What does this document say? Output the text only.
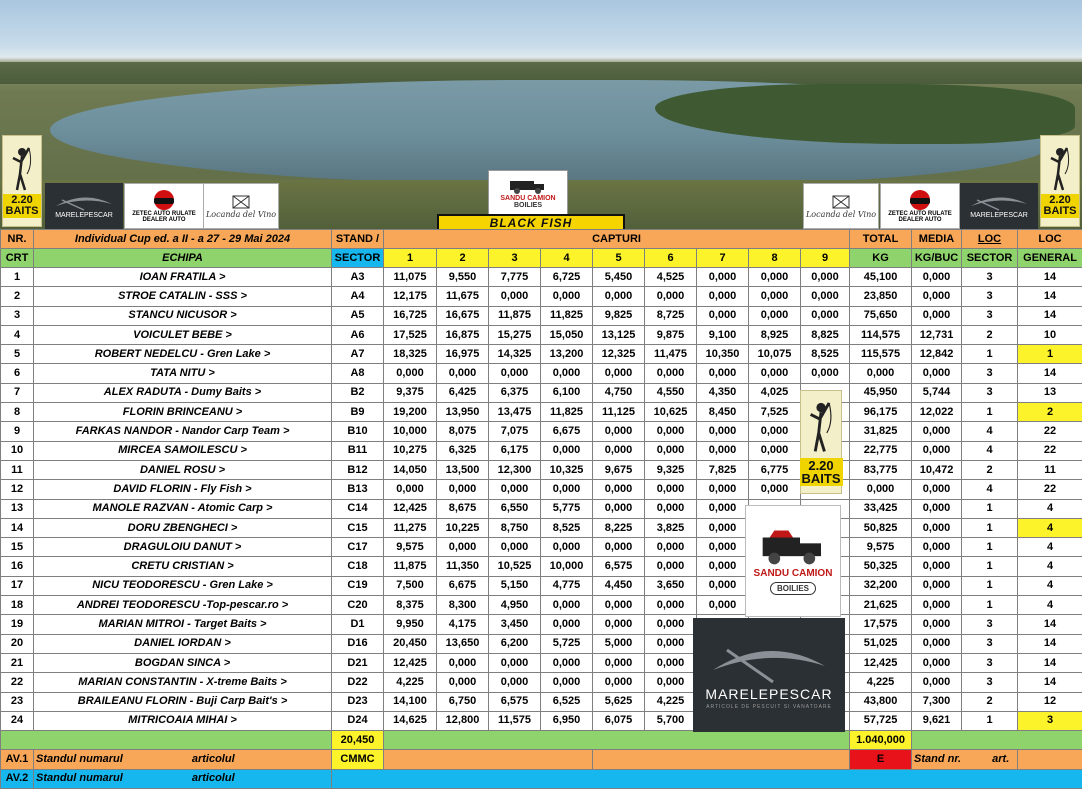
2.20 BAITS	MARELEPESCAR	ZETEC AUTO RULATE
DEALER AUTO
Locanda del Vino
SANDU CAMION
BOILIES
BLACK FISH
Locanda del Vino ZETEC AUTO RULATE
DEALER AUTO
MARELEPESCAR
2.20 BAITS
NR.	Individual Cup ed. a II - a 27 - 29 Mai 2024	STAND /	CAPTURI									TOTAL	MEDIA	LOC	LOC
CRT	ECHIPA	SECTOR	1	2	3	4	5	6	7	8	9	KG	KG/BUC	SECTOR	GENERAL
1	IOAN FRATILA >	A3	11,075	9,550	7,775	6,725	5,450	4,525	0,000	0,000	0,000	45,100	0,000	3	14
2	STROE CATALIN - SSS >	A4	12,175	11,675	0,000	0,000	0,000	0,000	0,000	0,000	0,000	23,850	0,000	3	14
3	STANCU NICUSOR >	A5	16,725	16,675	11,875	11,825	9,825	8,725	0,000	0,000	0,000	75,650	0,000	3	14
4	VOICULET BEBE >	A6	17,525	16,875	15,275	15,050	13,125	9,875	9,100	8,925	8,825	114,575	12,731	2	10
5	ROBERT NEDELCU - Gren Lake >	A7	18,325	16,975	14,325	13,200	12,325	11,475	10,350	10,075	8,525	115,575	12,842	1	1
6	TATA NITU >	A8	0,000	0,000	0,000	0,000	0,000	0,000	0,000	0,000	0,000	0,000	0,000	3	14
7	ALEX RADUTA - Dumy Baits >	B2	9,375	6,425	6,375	6,100	4,750	4,550	4,350	4,025		45,950	5,744	3	13
8	FLORIN BRINCEANU >	B9	19,200	13,950	13,475	11,825	11,125	10,625	8,450	7,525		96,175	12,022	1	2
9	FARKAS NANDOR - Nandor Carp Team >	B10	10,000	8,075	7,075	6,675	0,000	0,000	0,000	0,000		31,825	0,000	4	22
10	MIRCEA SAMOILESCU >	B11	10,275	6,325	6,175	0,000	0,000	0,000	0,000	0,000		22,775	0,000	4	22
11	DANIEL ROSU >	B12	14,050	13,500	12,300	10,325	9,675	9,325	7,825	6,775		83,775	10,472	2	11
12	DAVID FLORIN - Fly Fish >	B13	0,000	0,000	0,000	0,000	0,000	0,000	0,000	0,000		0,000	0,000	4	22
13	MANOLE RAZVAN - Atomic Carp >	C14	12,425	8,675	6,550	5,775	0,000	0,000	0,000			33,425	0,000	1	4
14	DORU ZBENGHECI >	C15	11,275	10,225	8,750	8,525	8,225	3,825	0,000			50,825	0,000	1	4
15	DRAGULOIU DANUT >	C17	9,575	0,000	0,000	0,000	0,000	0,000	0,000			9,575	0,000	1	4
16	CRETU CRISTIAN >	C18	11,875	11,350	10,525	10,000	6,575	0,000	0,000			50,325	0,000	1	4
17	NICU TEODORESCU - Gren Lake >	C19	7,500	6,675	5,150	4,775	4,450	3,650	0,000			32,200	0,000	1	4
18	ANDREI TEODORESCU -Top-pescar.ro >	C20	8,375	8,300	4,950	0,000	0,000	0,000	0,000			21,625	0,000	1	4
19	MARIAN MITROI - Target Baits >	D1	9,950	4,175	3,450	0,000	0,000	0,000				17,575	0,000	3	14
20	DANIEL IORDAN >	D16	20,450	13,650	6,200	5,725	5,000	0,000				51,025	0,000	3	14
21	BOGDAN SINCA >	D21	12,425	0,000	0,000	0,000	0,000	0,000				12,425	0,000	3	14
22	MARIAN CONSTANTIN - X-treme Baits >	D22	4,225	0,000	0,000	0,000	0,000	0,000				4,225	0,000	3	14
23	BRAILEANU FLORIN - Buji Carp Bait's >	D23	14,100	6,750	6,575	6,525	5,625	4,225				43,800	7,300	2	12
24	MITRICOAIA MIHAI >	D24	14,625	12,800	11,575	6,950	6,075	5,700				57,725	9,621	1	3
		20,450										1.040,000			
AV.1	Standul numarul articolul	CMMC										E	Stand nr. art.		
AV.2	Standul numarul articolul														
2.20 BAITS
SANDU CAMION
BOILIES
MARELEPESCAR
ARTICOLE DE PESCUIT SI VANATOARE
